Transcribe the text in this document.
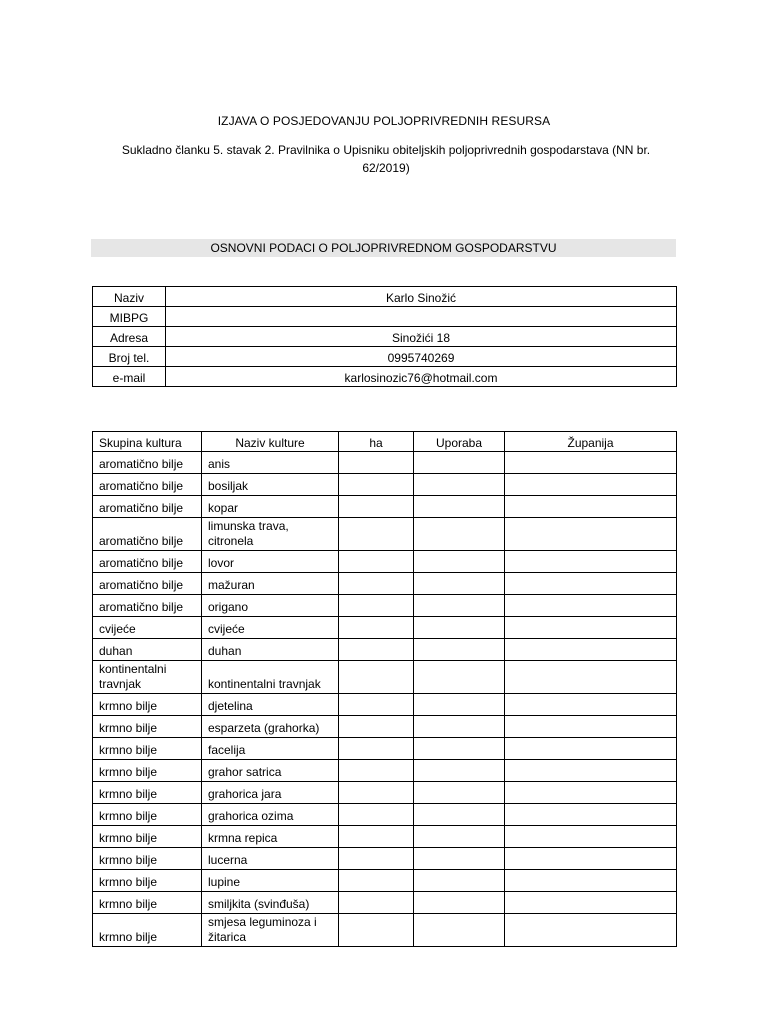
IZJAVA O POSJEDOVANJU POLJOPRIVREDNIH RESURSA
Sukladno članku 5. stavak 2. Pravilnika o Upisniku obiteljskih poljoprivrednih gospodarstava (NN br.
62/2019)
OSNOVNI PODACI O POLJOPRIVREDNOM GOSPODARSTVU
Naziv	Karlo Sinožić
MIBPG	
Adresa	Sinožići 18
Broj tel.	0995740269
e-mail	karlosinozic76@hotmail.com
Skupina kultura	Naziv kulture	ha	Uporaba	Županija
aromatično bilje	anis			
aromatično bilje	bosiljak			
aromatično bilje	kopar			
aromatično bilje	limunska trava, citronela			
aromatično bilje	lovor			
aromatično bilje	mažuran			
aromatično bilje	origano			
cvijeće	cvijeće			
duhan	duhan			
kontinentalni travnjak	kontinentalni travnjak			
krmno bilje	djetelina			
krmno bilje	esparzeta (grahorka)			
krmno bilje	facelija			
krmno bilje	grahor satrica			
krmno bilje	grahorica jara			
krmno bilje	grahorica ozima			
krmno bilje	krmna repica			
krmno bilje	lucerna			
krmno bilje	lupine			
krmno bilje	smiljkita (svinđuša)			
krmno bilje	smjesa leguminoza i žitarica			
